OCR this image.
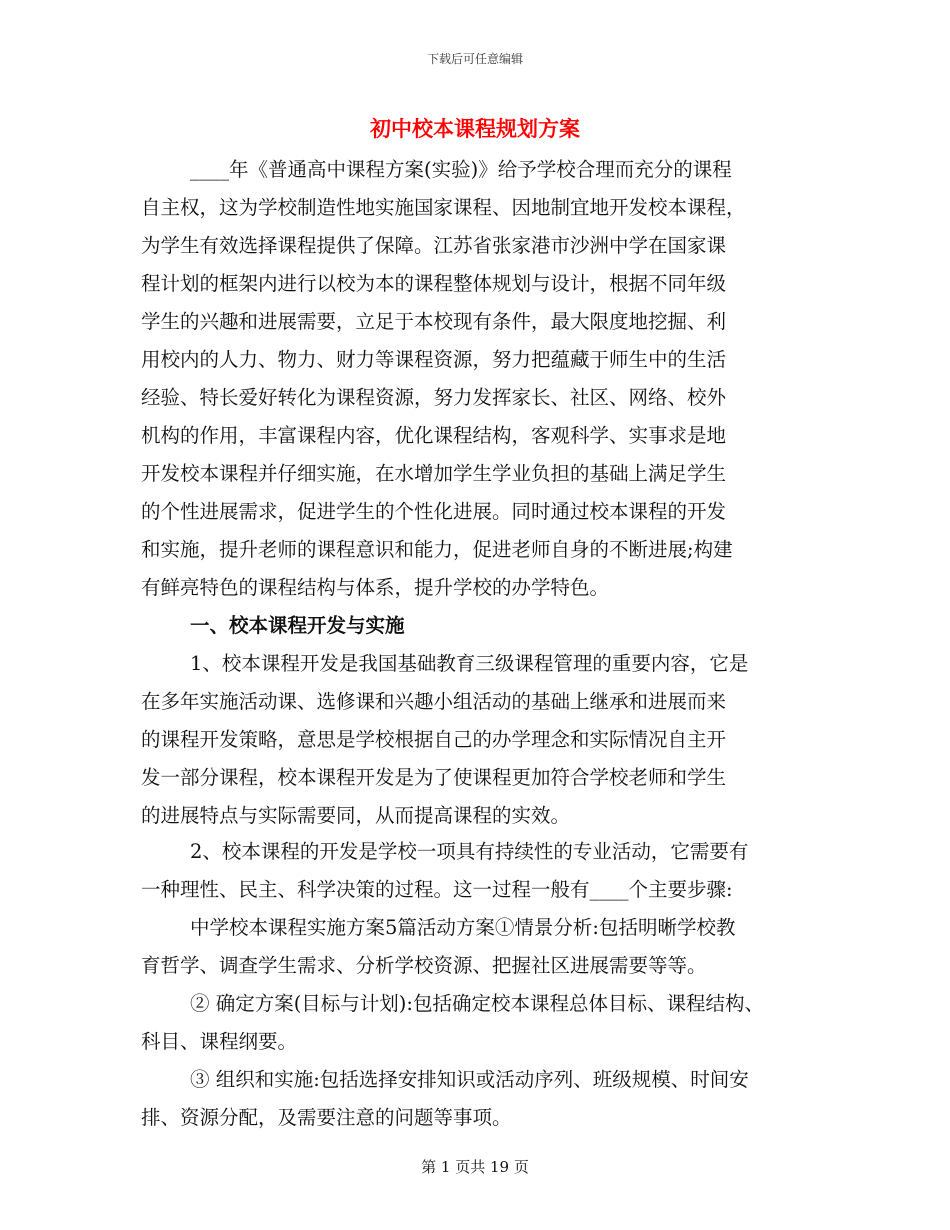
下载后可任意编辑
初中校本课程规划方案
____年《普通高中课程方案(实验)》给予学校合理而充分的课程
自主权，这为学校制造性地实施国家课程、因地制宜地开发校本课程，
为学生有效选择课程提供了保障。江苏省张家港市沙洲中学在国家课
程计划的框架内进行以校为本的课程整体规划与设计，根据不同年级
学生的兴趣和进展需要，立足于本校现有条件，最大限度地挖掘、利
用校内的人力、物力、财力等课程资源，努力把蕴藏于师生中的生活
经验、特长爱好转化为课程资源，努力发挥家长、社区、网络、校外
机构的作用，丰富课程内容，优化课程结构，客观科学、实事求是地
开发校本课程并仔细实施，在水增加学生学业负担的基础上满足学生
的个性进展需求，促进学生的个性化进展。同时通过校本课程的开发
和实施，提升老师的课程意识和能力，促进老师自身的不断进展;构建
有鲜亮特色的课程结构与体系，提升学校的办学特色。
一、校本课程开发与实施
1、校本课程开发是我国基础教育三级课程管理的重要内容，它是
在多年实施活动课、选修课和兴趣小组活动的基础上继承和进展而来
的课程开发策略，意思是学校根据自己的办学理念和实际情况自主开
发一部分课程，校本课程开发是为了使课程更加符合学校老师和学生
的进展特点与实际需要同，从而提高课程的实效。
2、校本课程的开发是学校一项具有持续性的专业活动，它需要有
一种理性、民主、科学决策的过程。这一过程一般有____个主要步骤:
中学校本课程实施方案5篇活动方案①情景分析:包括明晰学校教
育哲学、调查学生需求、分析学校资源、把握社区进展需要等等。
② 确定方案(目标与计划):包括确定校本课程总体目标、课程结构、
科目、课程纲要。
③ 组织和实施:包括选择安排知识或活动序列、班级规模、时间安
排、资源分配，及需要注意的问题等事项。
第 1 页共 19 页
